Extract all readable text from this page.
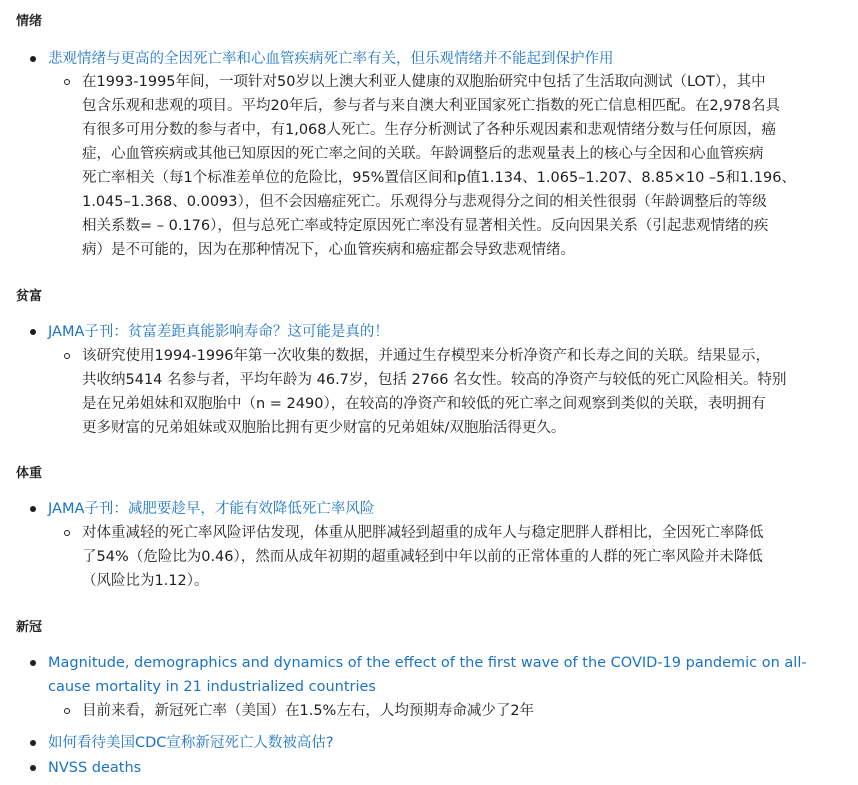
情绪
悲观情绪与更高的全因死亡率和心血管疾病死亡率有关，但乐观情绪并不能起到保护作用
在1993-1995年间，一项针对50岁以上澳大利亚人健康的双胞胎研究中包括了生活取向测试（LOT），其中
包含乐观和悲观的项目。平均20年后，参与者与来自澳大利亚国家死亡指数的死亡信息相匹配。在2,978名具
有很多可用分数的参与者中，有1,068人死亡。生存分析测试了各种乐观因素和悲观情绪分数与任何原因，癌
症，心血管疾病或其他已知原因的死亡率之间的关联。年龄调整后的悲观量表上的核心与全因和心血管疾病
死亡率相关（每1个标准差单位的危险比，95%置信区间和p值1.134、1.065–1.207、8.85×10 –5和1.196、
1.045–1.368、0.0093），但不会因癌症死亡。乐观得分与悲观得分之间的相关性很弱（年龄调整后的等级
相关系数= – 0.176），但与总死亡率或特定原因死亡率没有显著相关性。反向因果关系（引起悲观情绪的疾
病）是不可能的，因为在那种情况下，心血管疾病和癌症都会导致悲观情绪。
贫富
JAMA子刊：贫富差距真能影响寿命？这可能是真的！
该研究使用1994-1996年第一次收集的数据，并通过生存模型来分析净资产和长寿之间的关联。结果显示，
共收纳5414 名参与者，平均年龄为 46.7岁，包括 2766 名女性。较高的净资产与较低的死亡风险相关。特别
是在兄弟姐妹和双胞胎中（n = 2490），在较高的净资产和较低的死亡率之间观察到类似的关联，表明拥有
更多财富的兄弟姐妹或双胞胎比拥有更少财富的兄弟姐妹/双胞胎活得更久。
体重
JAMA子刊：减肥要趁早，才能有效降低死亡率风险
对体重减轻的死亡率风险评估发现，体重从肥胖减轻到超重的成年人与稳定肥胖人群相比，全因死亡率降低
了54%（危险比为0.46），然而从成年初期的超重减轻到中年以前的正常体重的人群的死亡率风险并未降低
（风险比为1.12）。
新冠
Magnitude, demographics and dynamics of the effect of the first wave of the COVID-19 pandemic on all-
cause mortality in 21 industrialized countries
目前来看，新冠死亡率（美国）在1.5%左右，人均预期寿命减少了2年
如何看待美国CDC宣称新冠死亡人数被高估?
NVSS deaths
